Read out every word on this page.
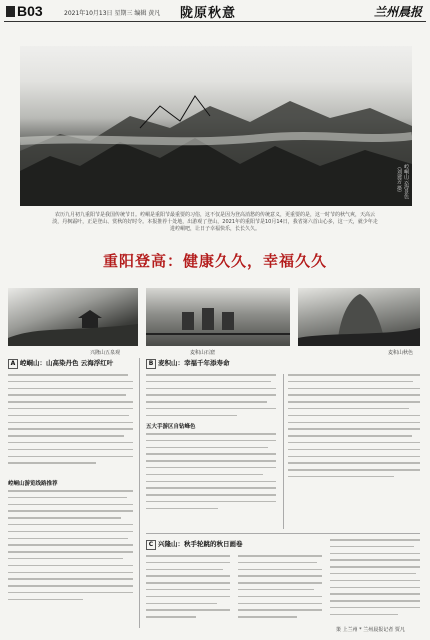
B03	2021年10月13日 星期三 编辑 黄凡 陇原秋意	兰州晨报
崆峒山云海景色（刘建芳 摄）
农历九月初九重阳节是我国传统节日。崆峒是重阳节最重要的习俗，这不仅是因为登高消愁的传统意义，更重要的是，这一时节的秋气爽，天高云淡，丹枫霜叶，正是登山、赏秋的好时令。本报推荐十处地，出游观了登山，2021年的重阳节是10月14日，我省第六首山心多，这一天，就少年走进崆峒吧，让日子幸福快乐，长长久久。
重阳登高：健康久久，幸福久久
兴隆山五泉观	麦积山石窟	麦积山秋色
A 崆峒山：山高染丹色 云海浮红叶
崆峒山游览线路推荐
B 麦积山：幸福千年添寿命
五大手游区自钻峰色
C 兴隆山：秋手轮跳的秋日画卷
策 上兰州 * 兰州晨报记者 贾凡
